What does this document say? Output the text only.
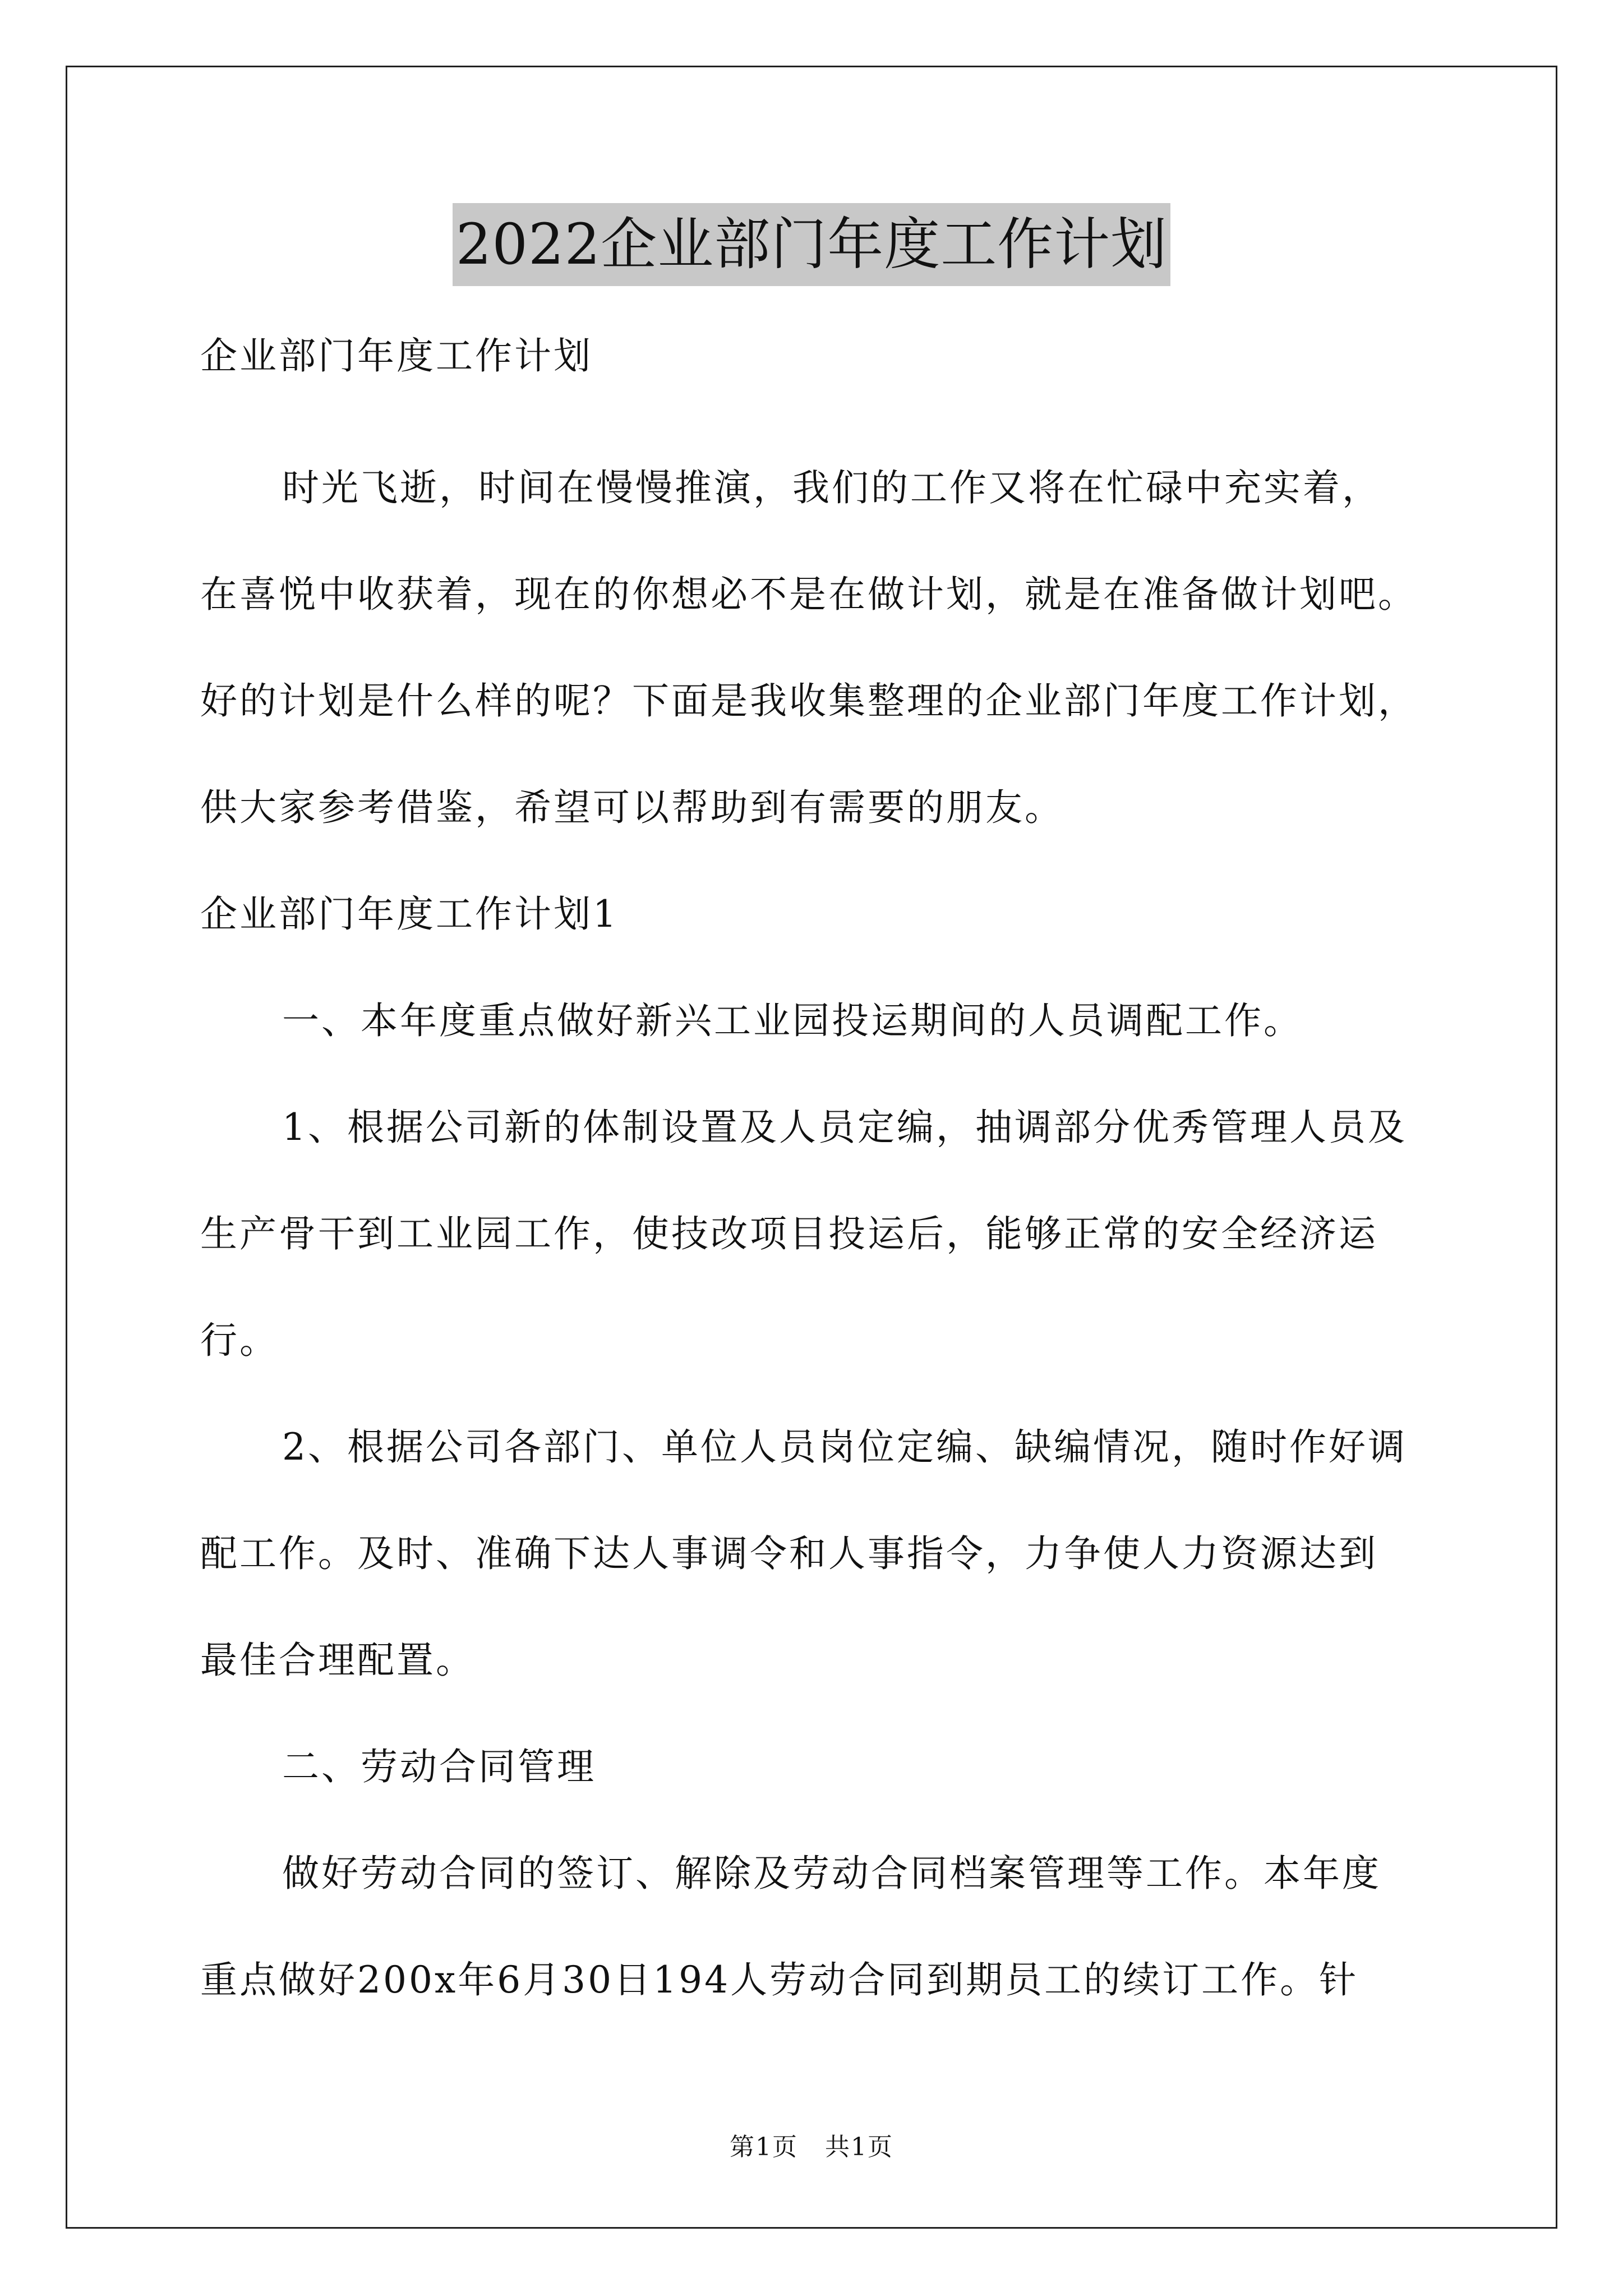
2022企业部门年度工作计划
企业部门年度工作计划
时光飞逝，时间在慢慢推演，我们的工作又将在忙碌中充实着，
在喜悦中收获着，现在的你想必不是在做计划，就是在准备做计划吧。
好的计划是什么样的呢？下面是我收集整理的企业部门年度工作计划，
供大家参考借鉴，希望可以帮助到有需要的朋友。
企业部门年度工作计划1
一、本年度重点做好新兴工业园投运期间的人员调配工作。
1、根据公司新的体制设置及人员定编，抽调部分优秀管理人员及
生产骨干到工业园工作，使技改项目投运后，能够正常的安全经济运
行。
2、根据公司各部门、单位人员岗位定编、缺编情况，随时作好调
配工作。及时、准确下达人事调令和人事指令，力争使人力资源达到
最佳合理配置。
二、劳动合同管理
做好劳动合同的签订、解除及劳动合同档案管理等工作。本年度
重点做好200x年6月30日194人劳动合同到期员工的续订工作。针
第1页 共1页
